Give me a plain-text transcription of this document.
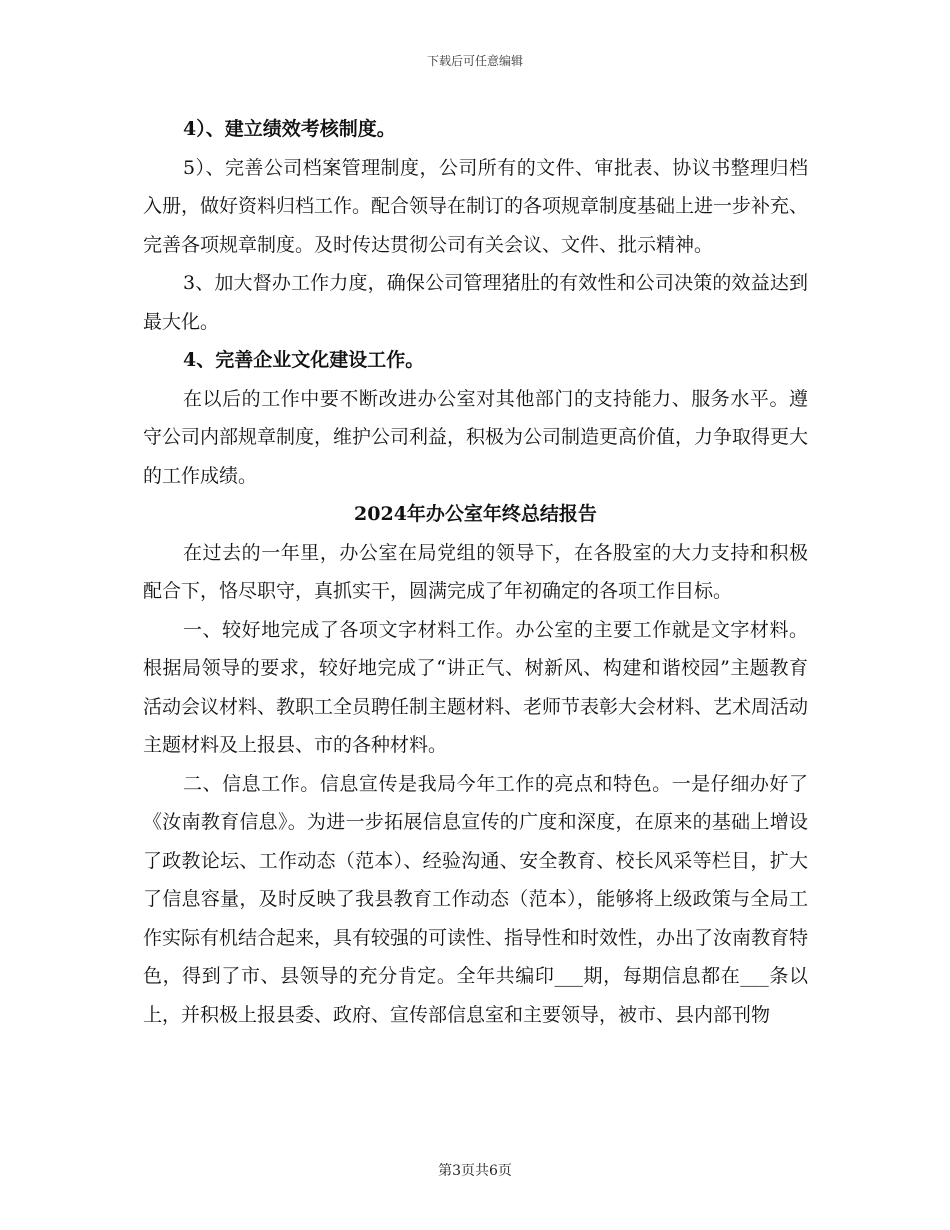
下载后可任意编辑

4）、建立绩效考核制度。

5）、完善公司档案管理制度，公司所有的文件、审批表、协议书整理归档入册，做好资料归档工作。配合领导在制订的各项规章制度基础上进一步补充、完善各项规章制度。及时传达贯彻公司有关会议、文件、批示精神。

3、加大督办工作力度，确保公司管理猪肚的有效性和公司决策的效益达到最大化。

4、完善企业文化建设工作。

在以后的工作中要不断改进办公室对其他部门的支持能力、服务水平。遵守公司内部规章制度，维护公司利益，积极为公司制造更高价值，力争取得更大的工作成绩。

2024年办公室年终总结报告

在过去的一年里，办公室在局党组的领导下，在各股室的大力支持和积极配合下，恪尽职守，真抓实干，圆满完成了年初确定的各项工作目标。

一、较好地完成了各项文字材料工作。办公室的主要工作就是文字材料。根据局领导的要求，较好地完成了“讲正气、树新风、构建和谐校园”主题教育活动会议材料、教职工全员聘任制主题材料、老师节表彰大会材料、艺术周活动主题材料及上报县、市的各种材料。

二、信息工作。信息宣传是我局今年工作的亮点和特色。一是仔细办好了《汝南教育信息》。为进一步拓展信息宣传的广度和深度，在原来的基础上增设了政教论坛、工作动态（范本）、经验沟通、安全教育、校长风采等栏目，扩大了信息容量，及时反映了我县教育工作动态（范本），能够将上级政策与全局工作实际有机结合起来，具有较强的可读性、指导性和时效性，办出了汝南教育特色，得到了市、县领导的充分肯定。全年共编印___期，每期信息都在___条以上，并积极上报县委、政府、宣传部信息室和主要领导，被市、县内部刊物

第3页共6页
